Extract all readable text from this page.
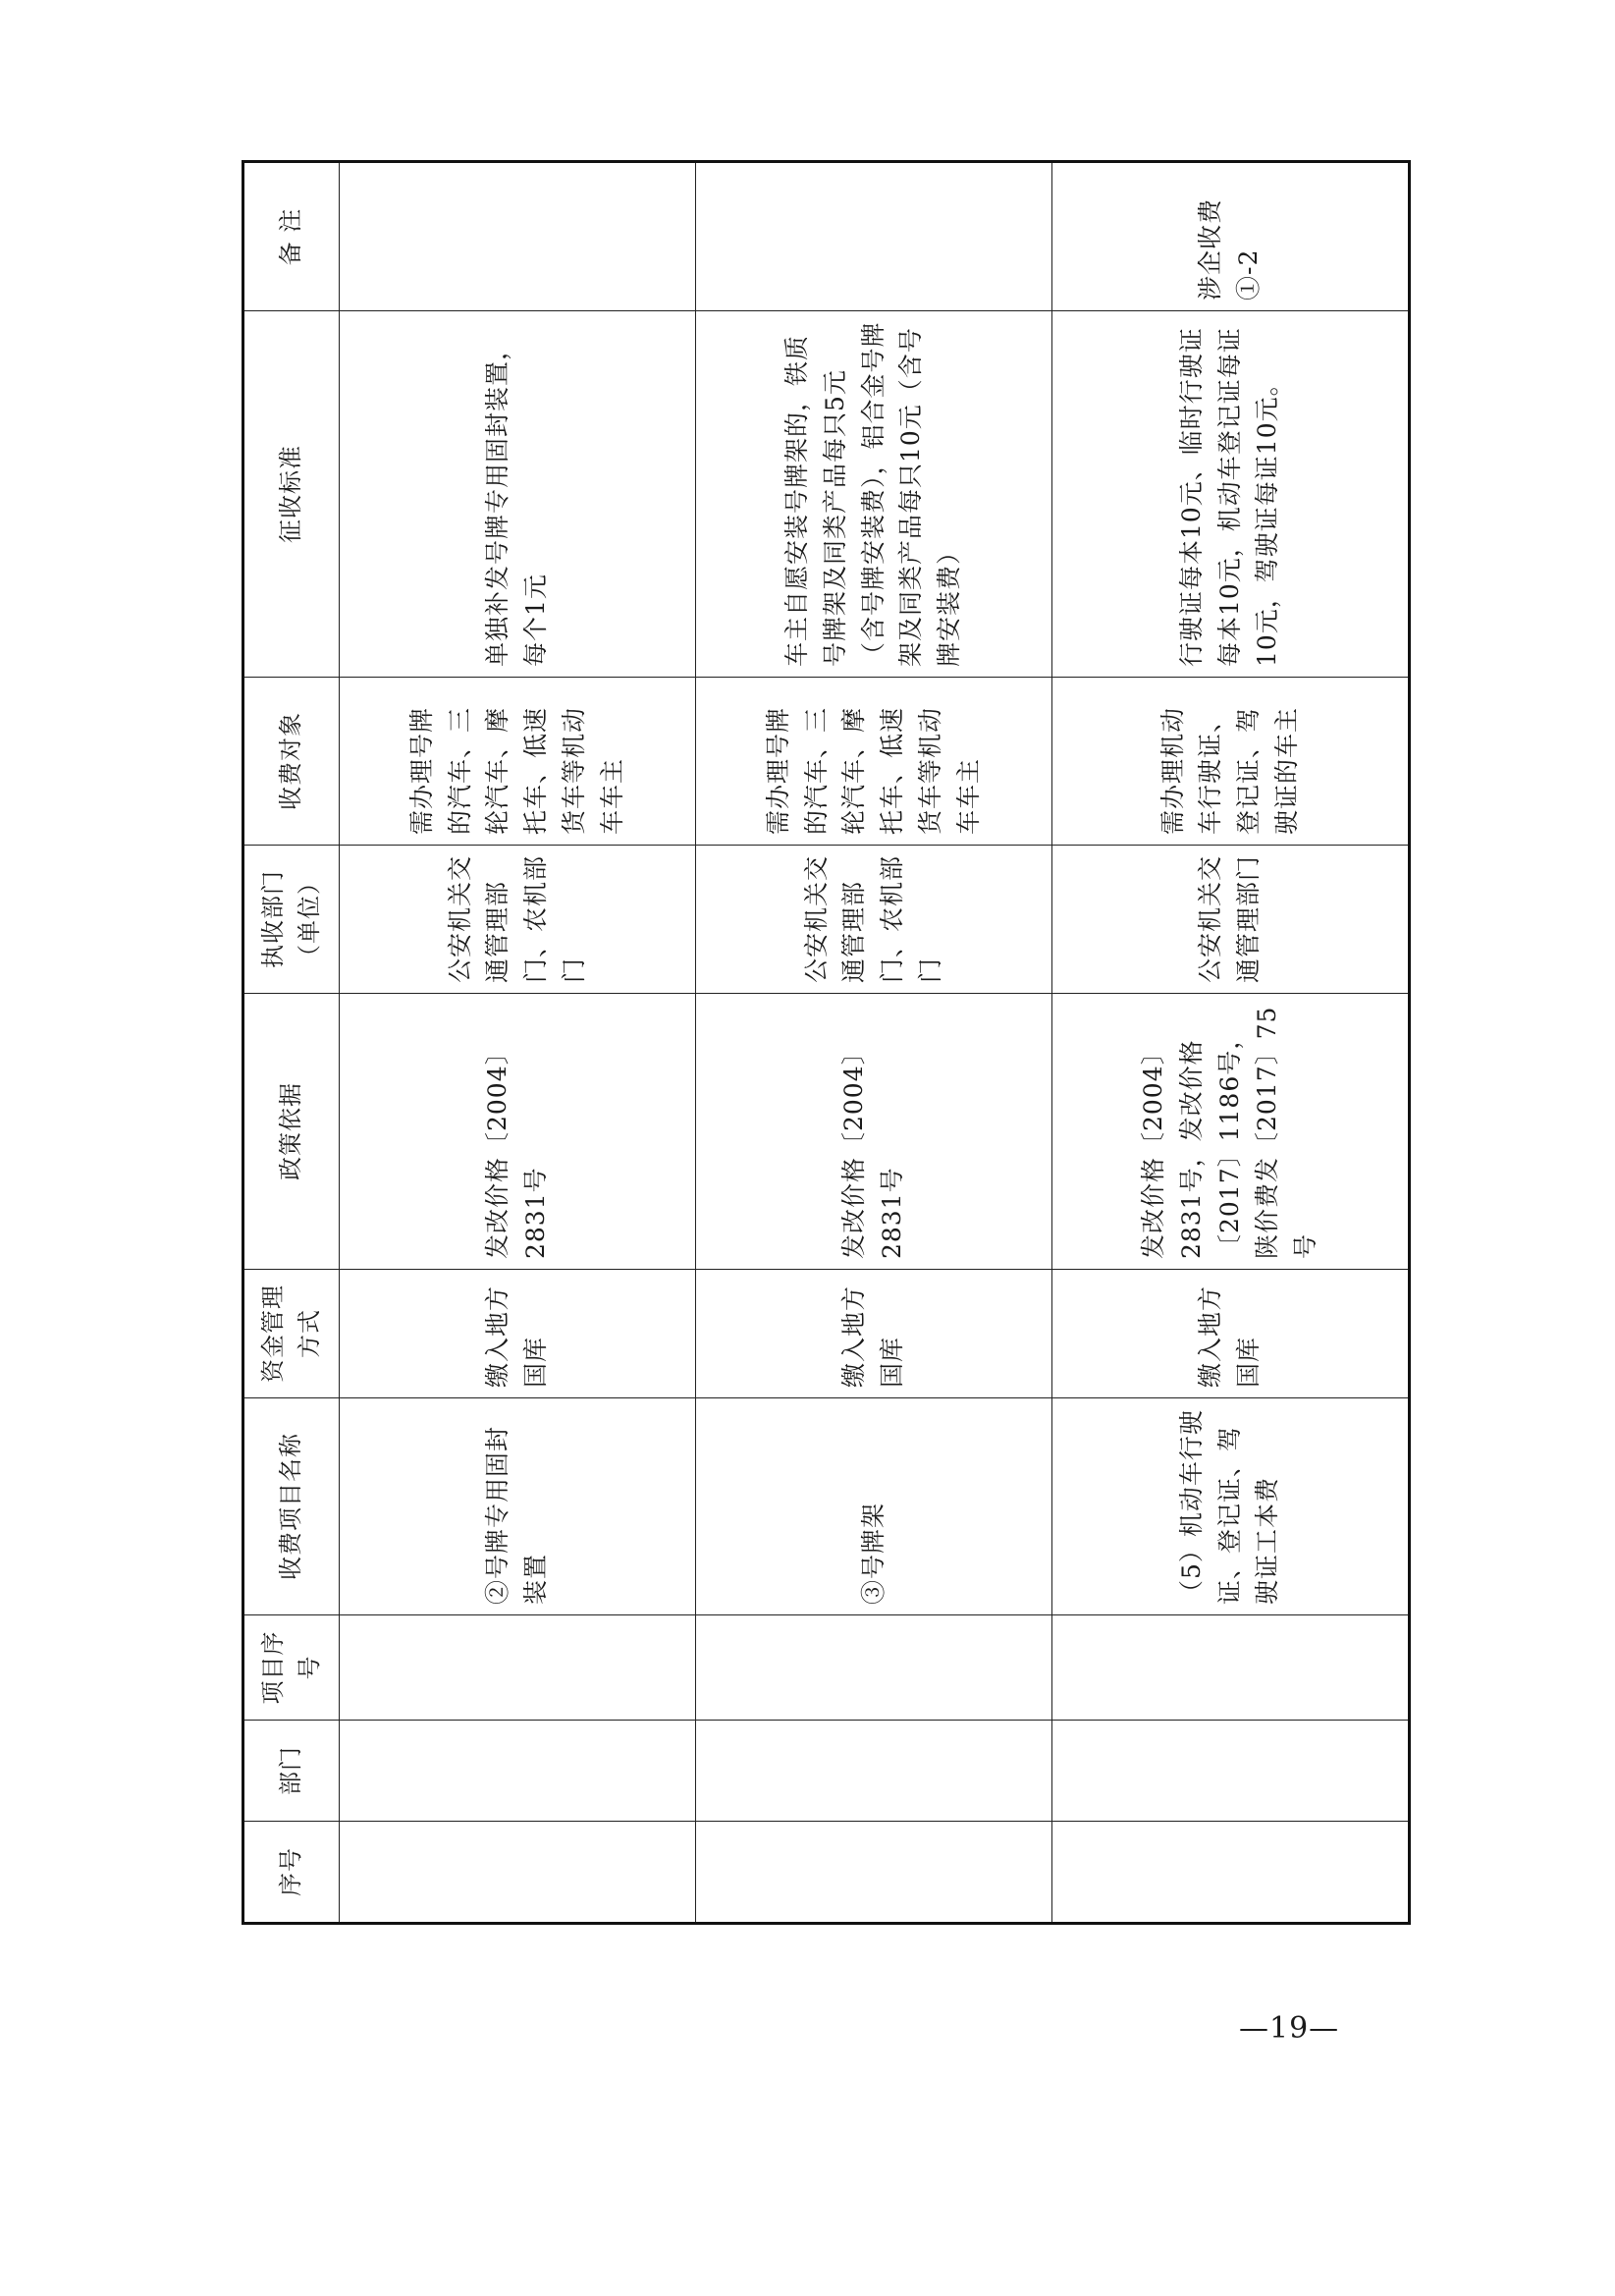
序号	部门	项目序号	收费项目名称	资金管理方式	政策依据	执收部门（单位）	收费对象	征收标准	备 注
			②号牌专用固封装置	缴入地方国库	发改价格〔2004〕2831号	公安机关交通管理部门、农机部门	需办理号牌的汽车、三轮汽车、摩托车、低速货车等机动车车主	单独补发号牌专用固封装置，每个1元	
			③号牌架	缴入地方国库	发改价格〔2004〕2831号	公安机关交通管理部门、农机部门	需办理号牌的汽车、三轮汽车、摩托车、低速货车等机动车车主	车主自愿安装号牌架的，铁质号牌架及同类产品每只5元（含号牌安装费），铝合金号牌架及同类产品每只10元（含号牌安装费）	
			（5）机动车行驶证、登记证、驾驶证工本费	缴入地方国库	发改价格〔2004〕2831号，发改价格〔2017〕1186号，陕价费发〔2017〕75号	公安机关交通管理部门	需办理机动车行驶证、登记证、驾驶证的车主	行驶证每本10元、临时行驶证每本10元，机动车登记证每证10元，驾驶证每证10元。	涉企收费①-2
—19—
